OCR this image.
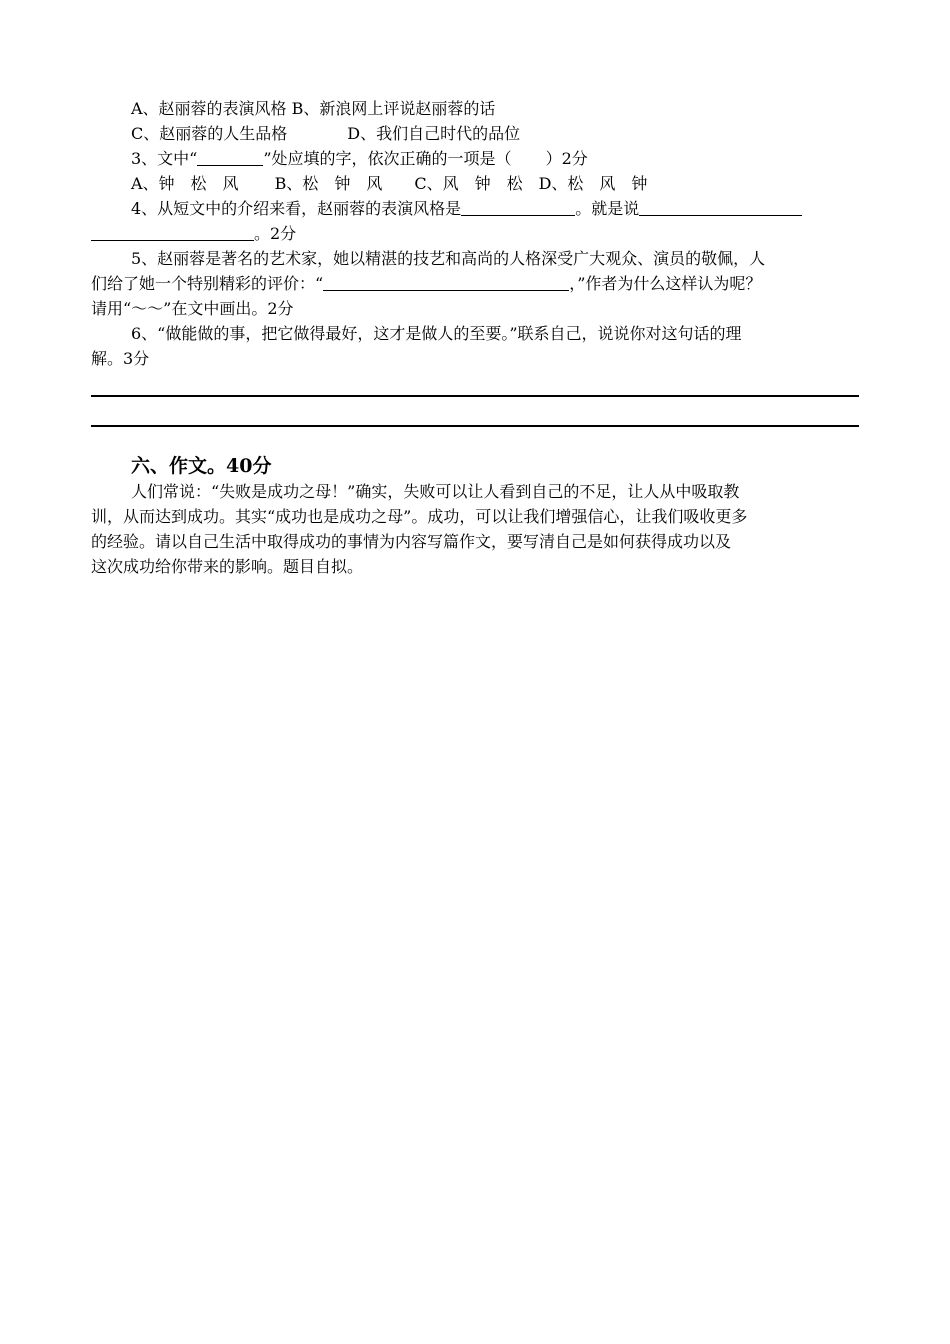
A、赵丽蓉的表演风格 B、新浪网上评说赵丽蓉的话
C、赵丽蓉的人生品格	D、我们自己时代的品位
3、文中“	”处应填的字，依次正确的一项是（ ）2分
A、钟　松　风 B、松　钟　风 C、风　钟　松 D、松　风　钟
4、从短文中的介绍来看，赵丽蓉的表演风格是	。就是说
。2分
5、赵丽蓉是著名的艺术家，她以精湛的技艺和高尚的人格深受广大观众、演员的敬佩，人
们给了她一个特别精彩的评价：“	，”作者为什么这样认为呢？
请用“～～”在文中画出。2分
6、“做能做的事，把它做得最好，这才是做人的至要。”联系自己，说说你对这句话的理
解。3分
六、作文。40分
人们常说：“失败是成功之母！”确实，失败可以让人看到自己的不足，让人从中吸取教
训，从而达到成功。其实“成功也是成功之母”。成功，可以让我们增强信心，让我们吸收更多
的经验。请以自己生活中取得成功的事情为内容写篇作文，要写清自己是如何获得成功以及
这次成功给你带来的影响。题目自拟。
